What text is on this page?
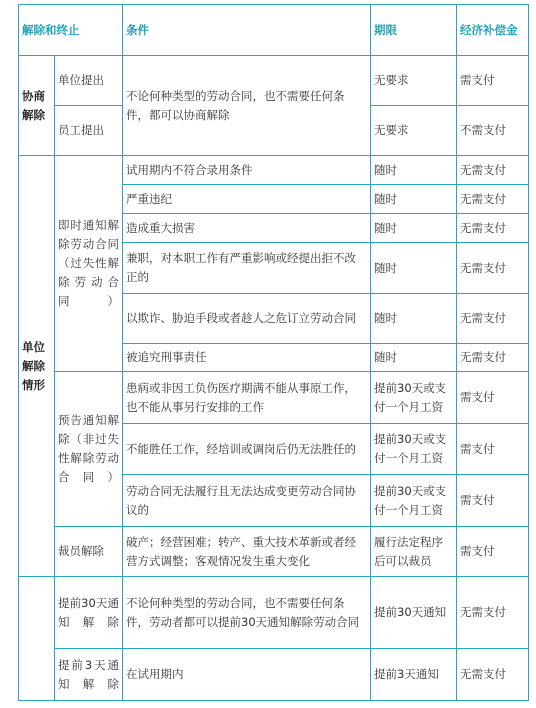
解除和终止		条件	期限	经济补偿金
协商解除	单位提出	不论何种类型的劳动合同，也不需要任何条件，都可以协商解除	无要求	需支付
	员工提出		无要求	不需支付
单位解除情形	即时通知解除劳动合同（过失性解除劳动合同）	试用期内不符合录用条件	随时	无需支付
		严重违纪	随时	无需支付
		造成重大损害	随时	无需支付
		兼职，对本职工作有严重影响或经提出拒不改正的	随时	无需支付
		以欺诈、胁迫手段或者趁人之危订立劳动合同	随时	无需支付
		被追究刑事责任	随时	无需支付
	预告通知解除（非过失性解除劳动合同）	患病或非因工负伤医疗期满不能从事原工作，也不能从事另行安排的工作	提前30天或支付一个月工资	需支付
		不能胜任工作，经培训或调岗后仍无法胜任的	提前30天或支付一个月工资	需支付
		劳动合同无法履行且无法达成变更劳动合同协议的	提前30天或支付一个月工资	需支付
	裁员解除	破产；经营困难；转产、重大技术革新或者经营方式调整；客观情况发生重大变化	履行法定程序后可以裁员	需支付
	提前30天通知解除	不论何种类型的劳动合同，也不需要任何条件，劳动者都可以提前30天通知解除劳动合同	提前30天通知	无需支付
	提前3天通知解除	在试用期内	提前3天通知	无需支付
